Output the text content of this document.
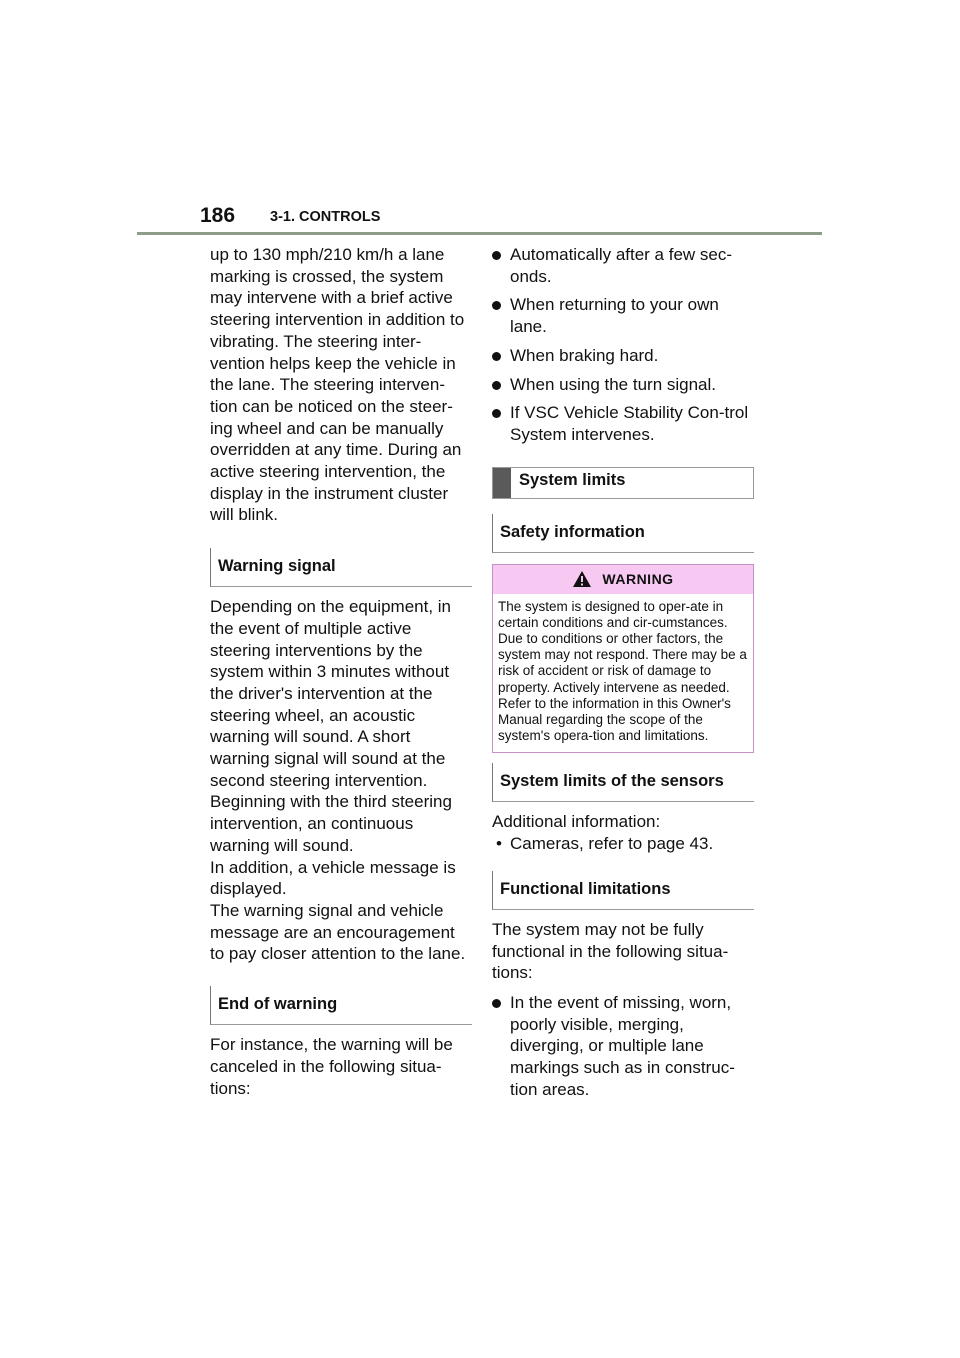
186 3-1. CONTROLS

up to 130 mph/210 km/h a lane marking is crossed, the system may intervene with a brief active steering intervention in addition to vibrating. The steering inter-vention helps keep the vehicle in the lane. The steering interven-tion can be noticed on the steer-ing wheel and can be manually overridden at any time. During an active steering intervention, the display in the instrument cluster will blink.

Warning signal

Depending on the equipment, in the event of multiple active steering interventions by the system within 3 minutes without the driver's intervention at the steering wheel, an acoustic warning will sound. A short warning signal will sound at the second steering intervention. Beginning with the third steering intervention, an continuous warning will sound.

In addition, a vehicle message is displayed.

The warning signal and vehicle message are an encouragement to pay closer attention to the lane.

End of warning

For instance, the warning will be canceled in the following situa-tions:

Automatically after a few sec-onds.
When returning to your own lane.
When braking hard.
When using the turn signal.
If VSC Vehicle Stability Con-trol System intervenes.
System limits
Safety information
WARNING
The system is designed to oper-ate in certain conditions and cir-cumstances. Due to conditions or other factors, the system may not respond. There may be a risk of accident or risk of damage to property. Actively intervene as needed. Refer to the information in this Owner's Manual regarding the scope of the system's opera-tion and limitations.
System limits of the sensors

Additional information:

• Cameras, refer to page 43.
Functional limitations

The system may not be fully functional in the following situa-tions:

In the event of missing, worn, poorly visible, merging, diverging, or multiple lane markings such as in construc-tion areas.
